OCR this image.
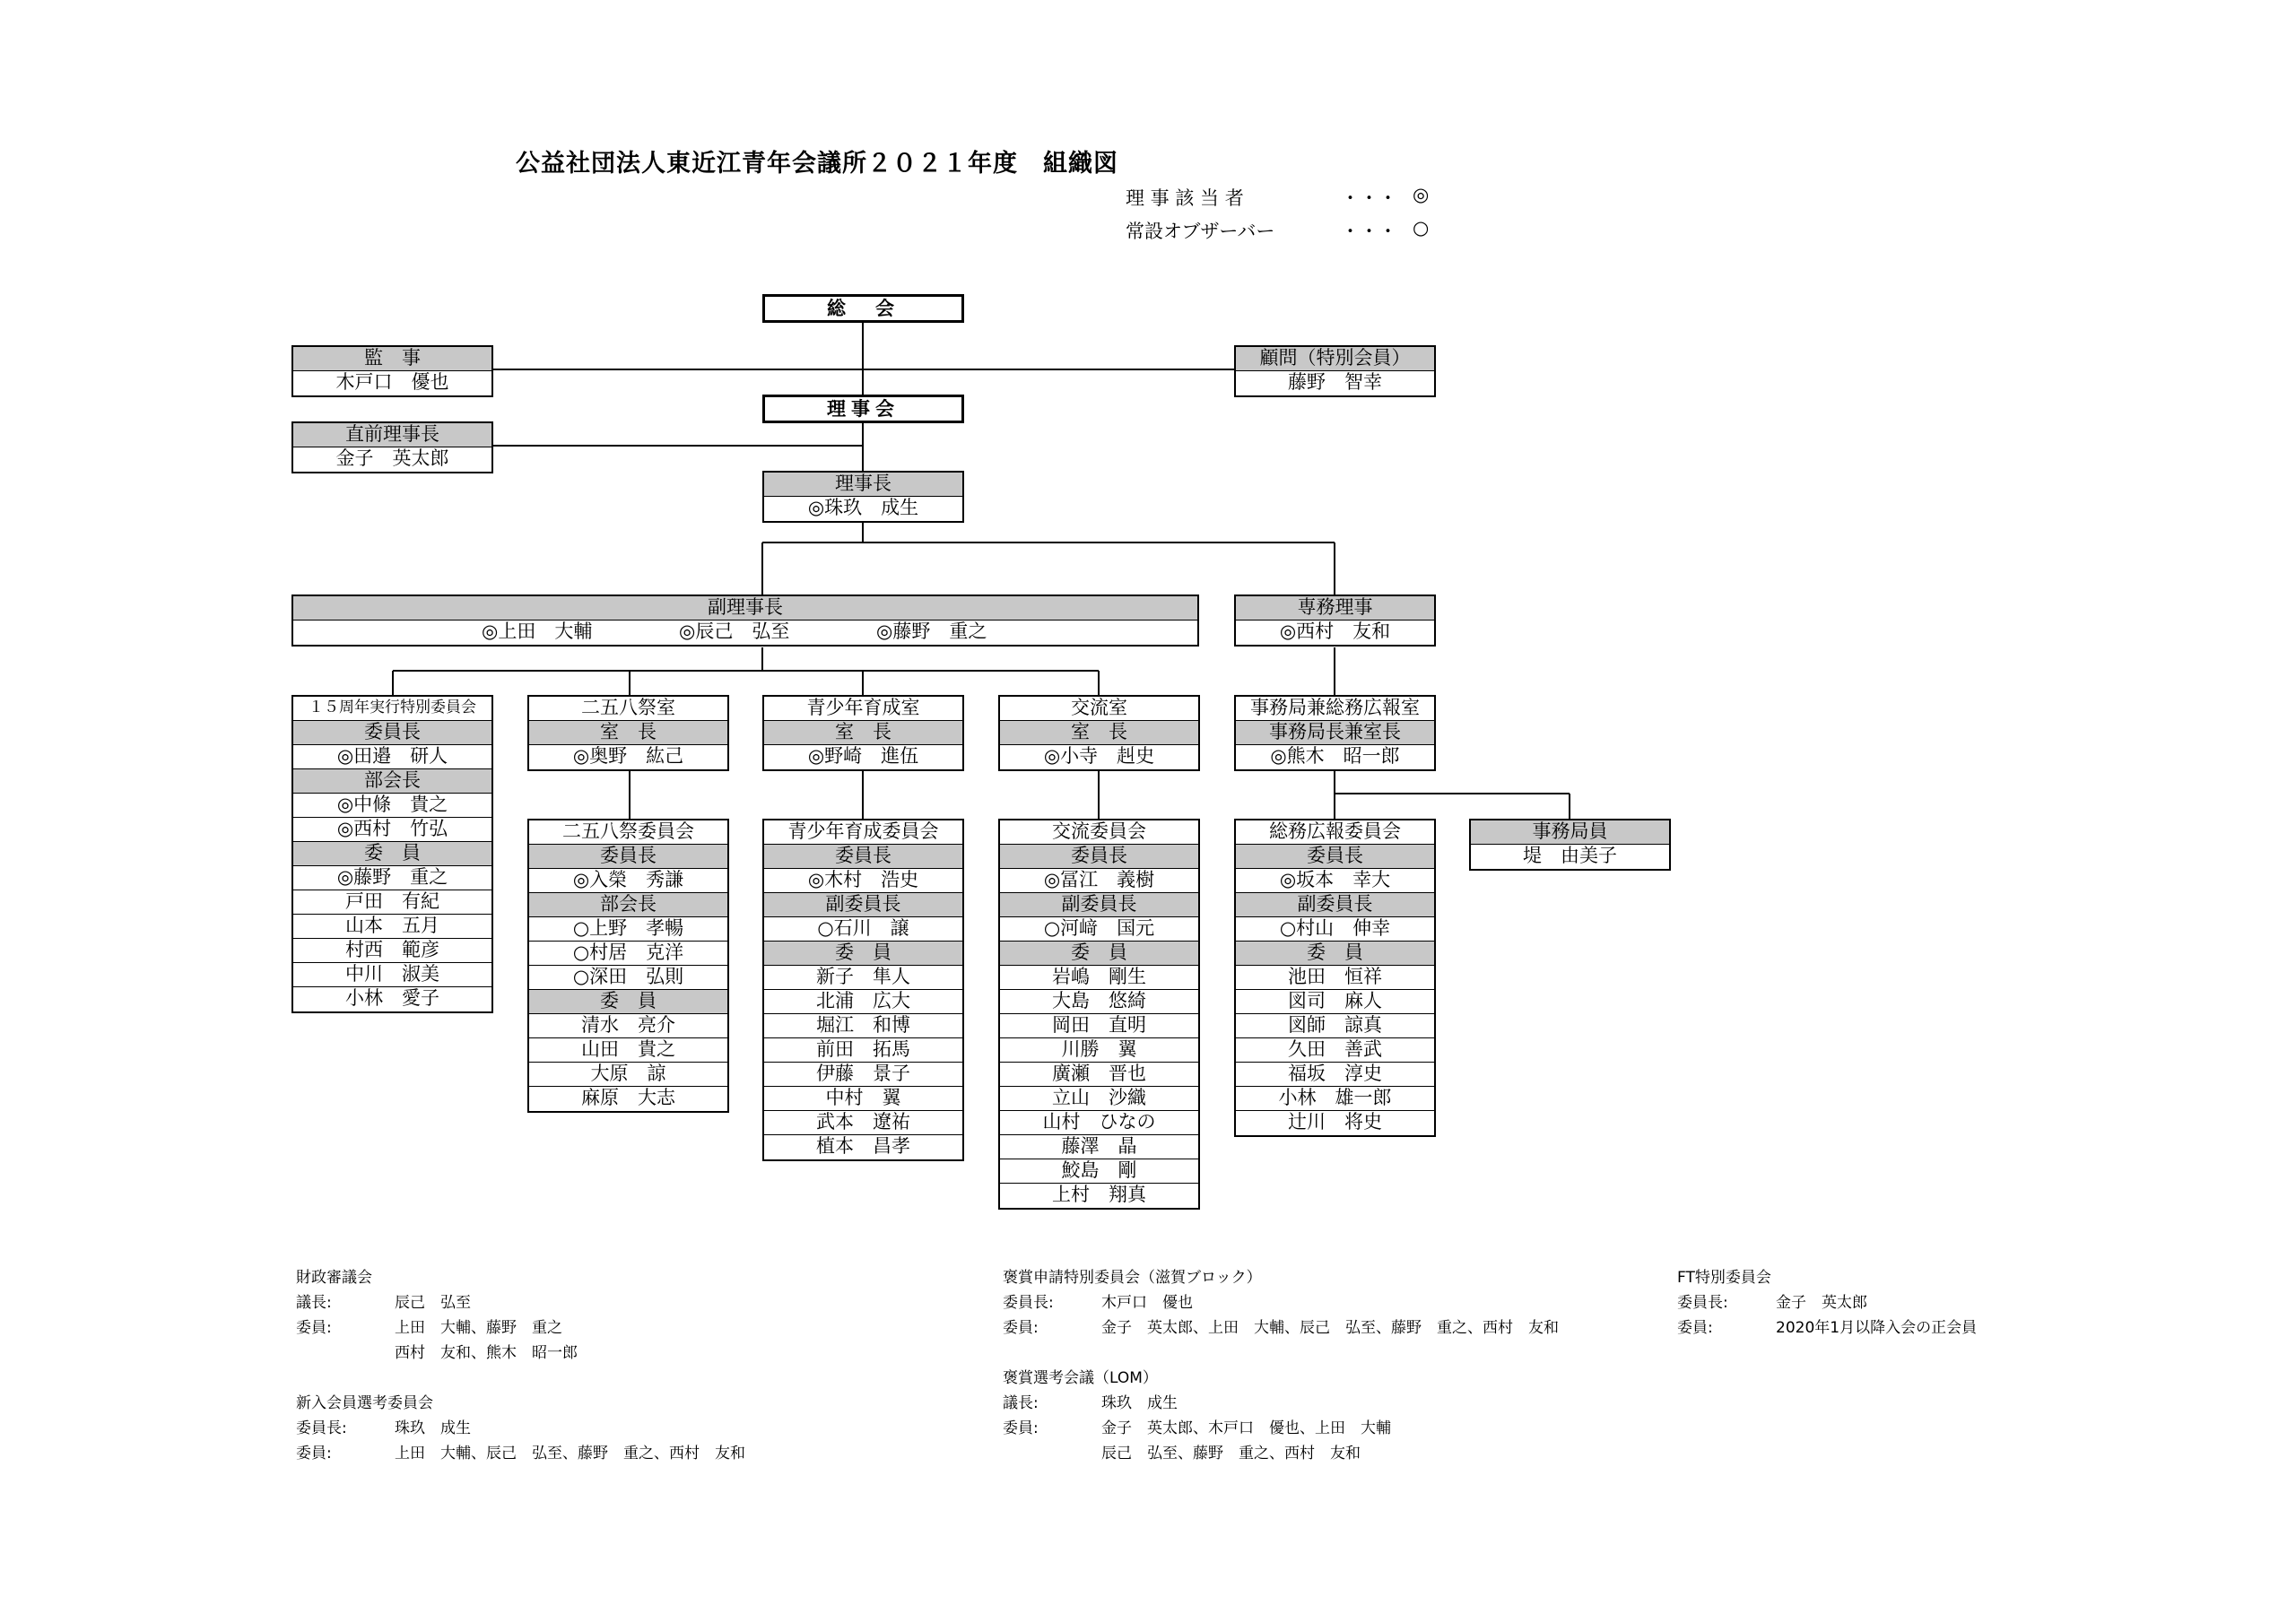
公益社団法人東近江青年会議所２０２１年度　組織図
理 事 該 当 者	・・・ ◎
常設オブザーバー	・・・ ○
総　会
理事会
監　事
木戸口　優也
顧問（特別会員）
藤野　智幸
直前理事長
金子　英太郎
理事長
◎珠玖　成生
副理事長
◎上田　大輔	◎辰己　弘至	◎藤野　重之
専務理事
◎西村　友和
１５周年実行特別委員会
委員長
◎田邉　研人
部会長
◎中條　貴之
◎西村　竹弘
委　員
◎藤野　重之
戸田　有紀
山本　五月
村西　範彦
中川　淑美
小林　愛子
二五八祭室
室　長
◎奥野　紘己
二五八祭委員会
委員長
◎入榮　秀謙
部会長
○上野　孝暢
○村居　克洋
○深田　弘則
委　員
清水　亮介
山田　貴之
大原　諒
麻原　大志
青少年育成室
室　長
◎野崎　進伍
青少年育成委員会
委員長
◎木村　浩史
副委員長
○石川　譲
委　員
新子　隼人
北浦　広大
堀江　和博
前田　拓馬
伊藤　景子
中村　翼
武本　遼祐
植本　昌孝
交流室
室　長
◎小寺　赳史
交流委員会
委員長
◎冨江　義樹
副委員長
○河﨑　国元
委　員
岩嶋　剛生
大島　悠綺
岡田　直明
川勝　翼
廣瀬　晋也
立山　沙織
山村　ひなの
藤澤　晶
鮫島　剛
上村　翔真
事務局兼総務広報室
事務局長兼室長
◎熊木　昭一郎
総務広報委員会
委員長
◎坂本　幸大
副委員長
○村山　伸幸
委　員
池田　恒祥
図司　麻人
図師　諒真
久田　善武
福坂　淳史
小林　雄一郎
辻川　将史
事務局員
堤　由美子
財政審議会
議長:	辰己　弘至
委員:	上田　大輔、藤野　重之
西村　友和、熊木　昭一郎
新入会員選考委員会
委員長:	珠玖　成生
委員:	上田　大輔、辰己　弘至、藤野　重之、西村　友和
褒賞申請特別委員会（滋賀ブロック）
委員長:	木戸口　優也
委員:	金子　英太郎、上田　大輔、辰己　弘至、藤野　重之、西村　友和
褒賞選考会議（LOM）
議長:	珠玖　成生
委員:	金子　英太郎、木戸口　優也、上田　大輔
辰己　弘至、藤野　重之、西村　友和
FT特別委員会
委員長:	金子　英太郎
委員:	2020年1月以降入会の正会員
